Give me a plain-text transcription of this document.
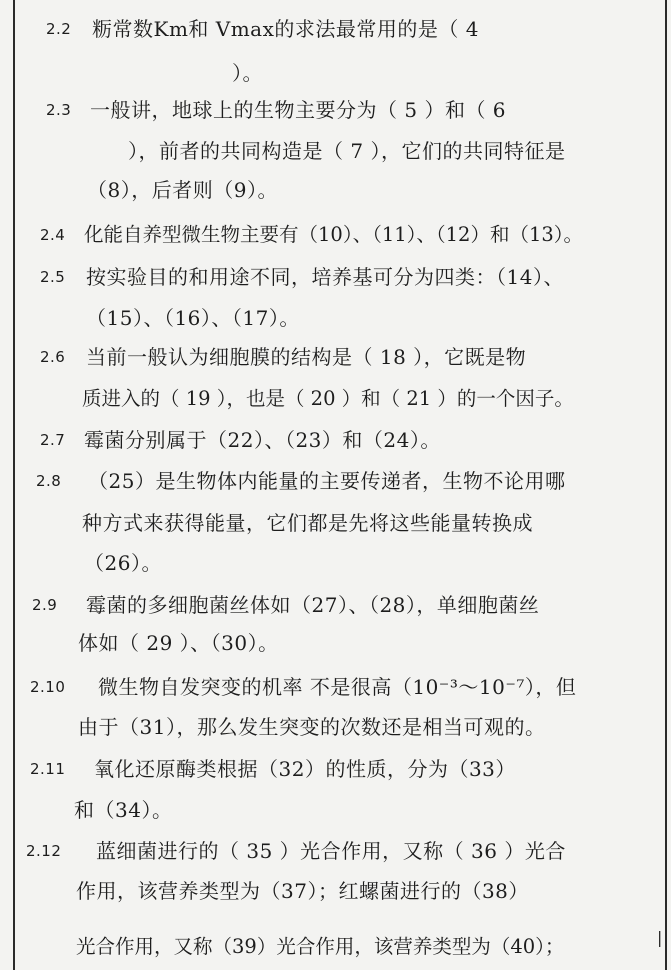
2.2 粝常数Km和 Vmax的求法最常用的是（ 4
）。
2.3 一般讲，地球上的生物主要分为（ 5 ）和（ 6
），前者的共同构造是（ 7 ），它们的共同特征是
（8），后者则（9）。
2.4 化能自养型微生物主要有（10）、（11）、（12）和（13）。
2.5 按实验目的和用途不同，培养基可分为四类：（14）、
（15）、（16）、（17）。
2.6 当前一般认为细胞膜的结构是（ 18 ），它既是物
质进入的（ 19 ），也是（ 20 ）和（ 21 ）的一个因子。
2.7 霉菌分别属于（22）、（23）和（24）。
2.8 （25）是生物体内能量的主要传递者，生物不论用哪
种方式来获得能量，它们都是先将这些能量转换成
（26）。
2.9 霉菌的多细胞菌丝体如（27）、（28），单细胞菌丝
体如（ 29 ）、（30）。
2.10 微生物自发突变的机率 不是很高（10⁻³～10⁻⁷），但
由于（31），那么发生突变的次数还是相当可观的。
2.11 氧化还原酶类根据（32）的性质，分为（33）
和（34）。
2.12 蓝细菌进行的（ 35 ）光合作用，又称（ 36 ）光合
作用，该营养类型为（37）；红螺菌进行的（38）
光合作用，又称（39）光合作用，该营养类型为（40）；	|
